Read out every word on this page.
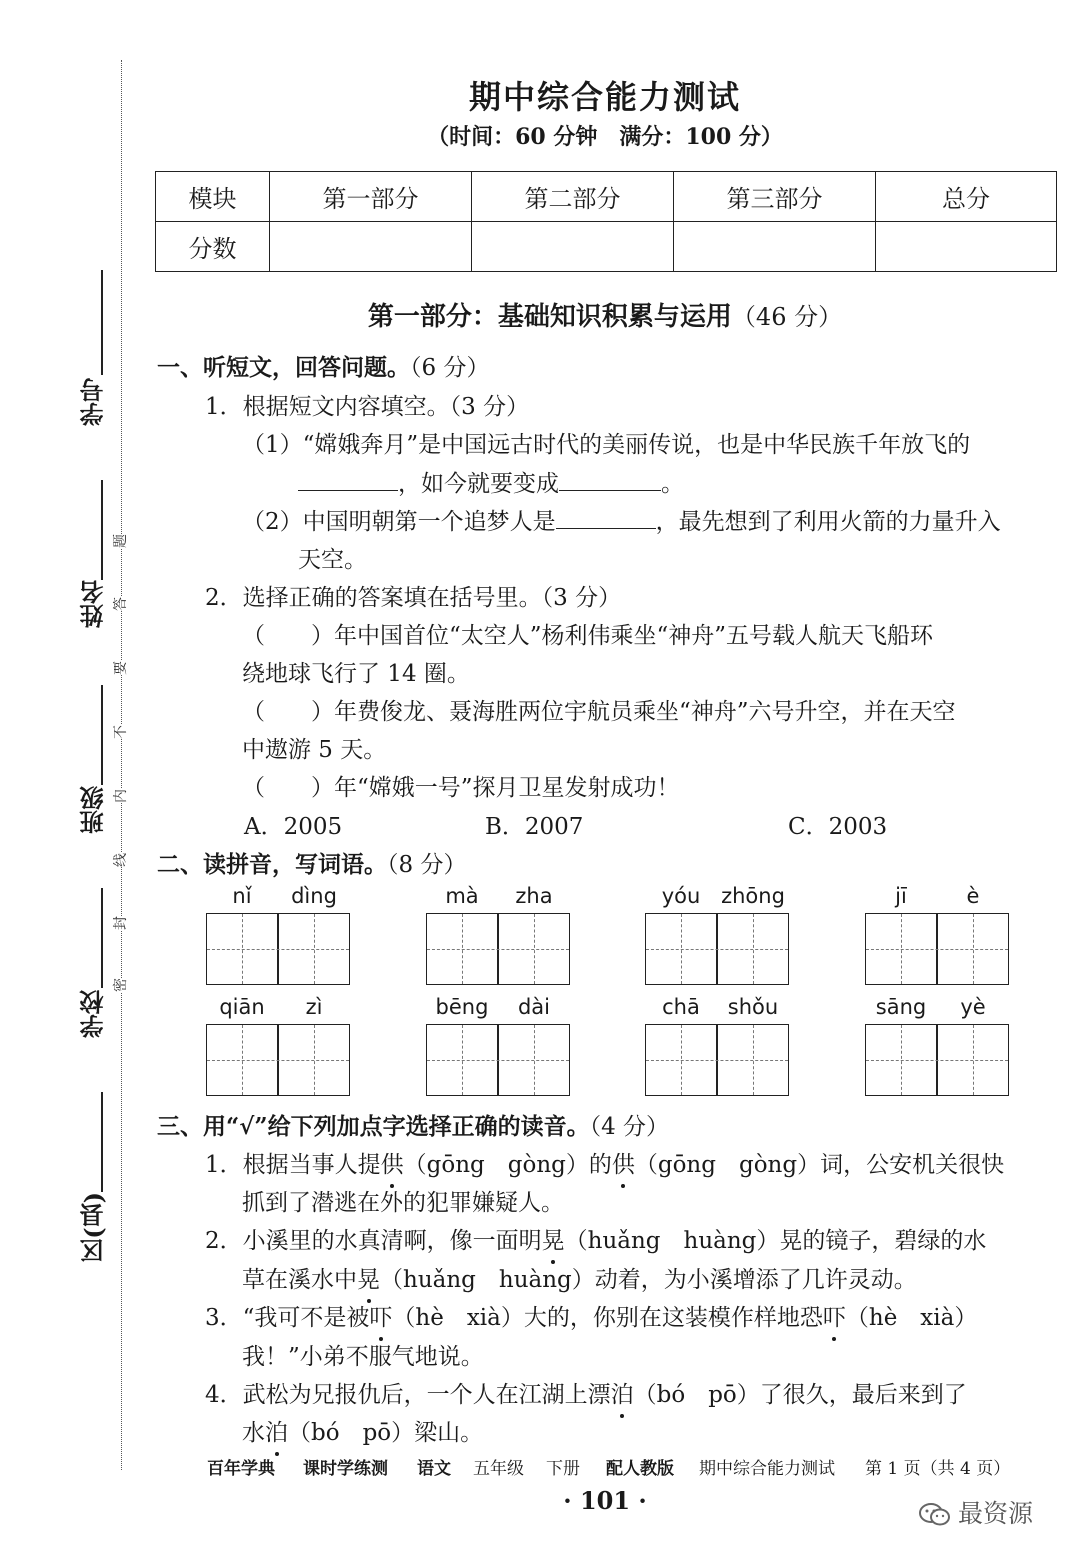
学号
姓名
班级
学校
区(县)
题
答
要
不
内
线
封
密
期中综合能力测试
（时间：60 分钟　满分：100 分）
模块	第一部分	第二部分	第三部分	总分
分数				
第一部分：基础知识积累与运用（46 分）
一、听短文，回答问题。（6 分）
1．根据短文内容填空。（3 分）
（1）“嫦娥奔月”是中国远古时代的美丽传说，也是中华民族千年放飞的
，如今就要变成	。
（2）中国明朝第一个追梦人是	，最先想到了利用火箭的力量升入
天空。
2．选择正确的答案填在括号里。（3 分）
（　　）年中国首位“太空人”杨利伟乘坐“神舟”五号载人航天飞船环
绕地球飞行了 14 圈。
（　　）年费俊龙、聂海胜两位宇航员乘坐“神舟”六号升空，并在天空
中遨游 5 天。
（　　）年“嫦娥一号”探月卫星发射成功！
A．2005	B．2007	C．2003
二、读拼音，写词语。（8 分）
nǐ	dìng	mà	zha	yóu zhōng	jī	è
qiān	zì	bēng	dài	chā	shǒu	sāng	yè
三、用“√”给下列加点字选择正确的读音。（4 分）
1．根据当事人提供（gōng　gòng）的供（gōng　gòng）词，公安机关很快
抓到了潜逃在外的犯罪嫌疑人。
2．小溪里的水真清啊，像一面明晃（huǎng　huàng）晃的镜子，碧绿的水
草在溪水中晃（huǎng　huàng）动着，为小溪增添了几许灵动。
3．“我可不是被吓（hè　xià）大的，你别在这装模作样地恐吓（hè　xià）
我！”小弟不服气地说。
4．武松为兄报仇后，一个人在江湖上漂泊（bó　pō）了很久，最后来到了
水泊（bó　pō）梁山。
百年学典 课时学练测 语文 五年级 下册 配人教版 期中综合能力测试 第 1 页（共 4 页）
· 101 ·	最资源
